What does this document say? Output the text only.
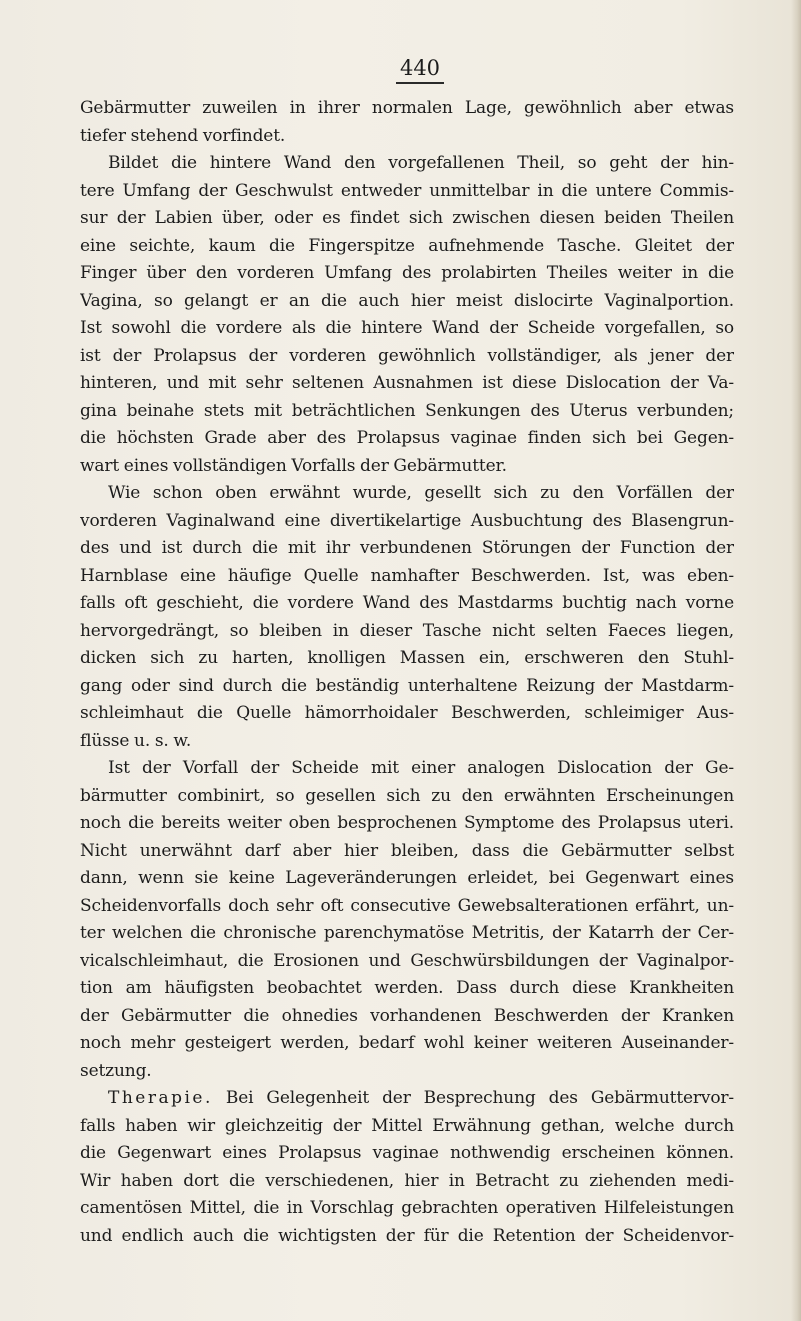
440
Gebärmutter zuweilen in ihrer normalen Lage, gewöhnlich aber etwas
tiefer stehend vorfindet.
Bildet die hintere Wand den vorgefallenen Theil, so geht der hin-
tere Umfang der Geschwulst entweder unmittelbar in die untere Commis-
sur der Labien über, oder es findet sich zwischen diesen beiden Theilen
eine seichte, kaum die Fingerspitze aufnehmende Tasche. Gleitet der
Finger über den vorderen Umfang des prolabirten Theiles weiter in die
Vagina, so gelangt er an die auch hier meist dislocirte Vaginalportion.
Ist sowohl die vordere als die hintere Wand der Scheide vorgefallen, so
ist der Prolapsus der vorderen gewöhnlich vollständiger, als jener der
hinteren, und mit sehr seltenen Ausnahmen ist diese Dislocation der Va-
gina beinahe stets mit beträchtlichen Senkungen des Uterus verbunden;
die höchsten Grade aber des Prolapsus vaginae finden sich bei Gegen-
wart eines vollständigen Vorfalls der Gebärmutter.
Wie schon oben erwähnt wurde, gesellt sich zu den Vorfällen der
vorderen Vaginalwand eine divertikelartige Ausbuchtung des Blasengrun-
des und ist durch die mit ihr verbundenen Störungen der Function der
Harnblase eine häufige Quelle namhafter Beschwerden. Ist, was eben-
falls oft geschieht, die vordere Wand des Mastdarms buchtig nach vorne
hervorgedrängt, so bleiben in dieser Tasche nicht selten Faeces liegen,
dicken sich zu harten, knolligen Massen ein, erschweren den Stuhl-
gang oder sind durch die beständig unterhaltene Reizung der Mastdarm-
schleimhaut die Quelle hämorrhoidaler Beschwerden, schleimiger Aus-
flüsse u. s. w.
Ist der Vorfall der Scheide mit einer analogen Dislocation der Ge-
bärmutter combinirt, so gesellen sich zu den erwähnten Erscheinungen
noch die bereits weiter oben besprochenen Symptome des Prolapsus uteri.
Nicht unerwähnt darf aber hier bleiben, dass die Gebärmutter selbst
dann, wenn sie keine Lageveränderungen erleidet, bei Gegenwart eines
Scheidenvorfalls doch sehr oft consecutive Gewebsalterationen erfährt, un-
ter welchen die chronische parenchymatöse Metritis, der Katarrh der Cer-
vicalschleimhaut, die Erosionen und Geschwürsbildungen der Vaginalpor-
tion am häufigsten beobachtet werden. Dass durch diese Krankheiten
der Gebärmutter die ohnedies vorhandenen Beschwerden der Kranken
noch mehr gesteigert werden, bedarf wohl keiner weiteren Auseinander-
setzung.
Therapie. Bei Gelegenheit der Besprechung des Gebärmuttervor-
falls haben wir gleichzeitig der Mittel Erwähnung gethan, welche durch
die Gegenwart eines Prolapsus vaginae nothwendig erscheinen können.
Wir haben dort die verschiedenen, hier in Betracht zu ziehenden medi-
camentösen Mittel, die in Vorschlag gebrachten operativen Hilfeleistungen
und endlich auch die wichtigsten der für die Retention der Scheidenvor-
